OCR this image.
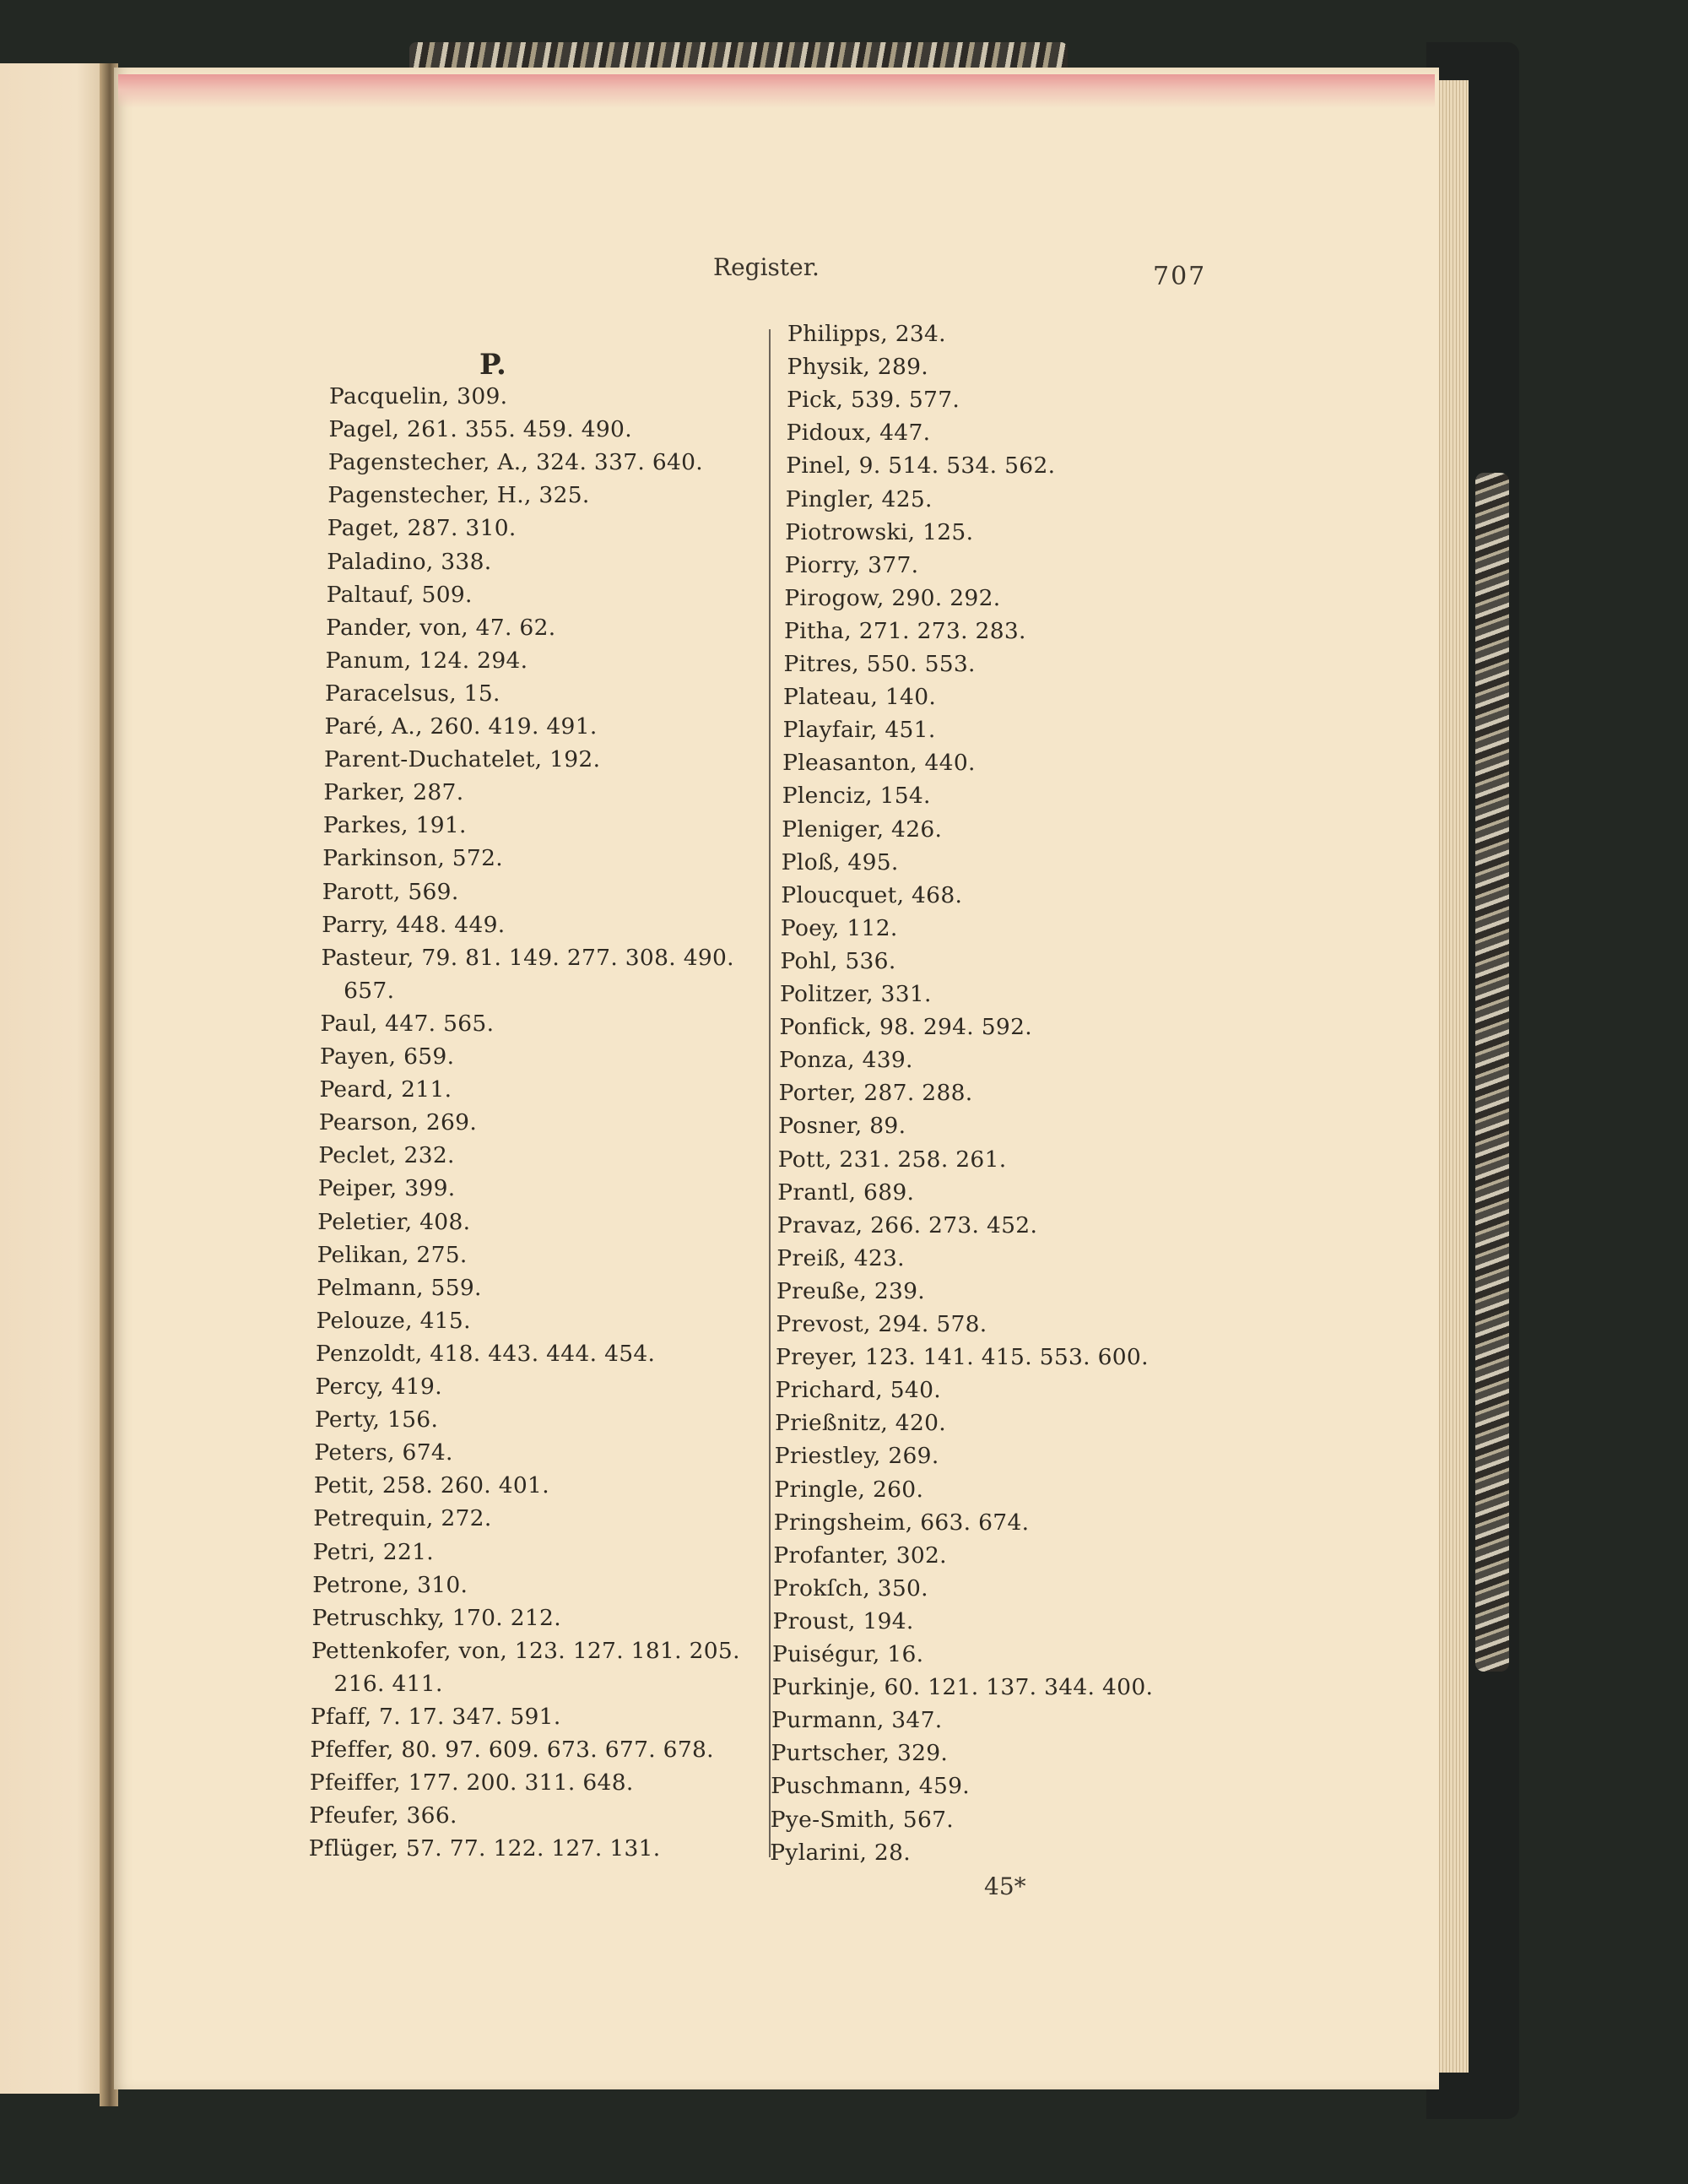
Register.	707
P.
Pacquelin, 309.
Pagel, 261. 355. 459. 490.
Pagenstecher, A., 324. 337. 640.
Pagenstecher, H., 325.
Paget, 287. 310.
Paladino, 338.
Paltauf, 509.
Pander, von, 47. 62.
Panum, 124. 294.
Paracelsus, 15.
Paré, A., 260. 419. 491.
Parent-Duchatelet, 192.
Parker, 287.
Parkes, 191.
Parkinson, 572.
Parott, 569.
Parry, 448. 449.
Pasteur, 79. 81. 149. 277. 308. 490.
657.
Paul, 447. 565.
Payen, 659.
Peard, 211.
Pearson, 269.
Peclet, 232.
Peiper, 399.
Peletier, 408.
Pelikan, 275.
Pelmann, 559.
Pelouze, 415.
Penzoldt, 418. 443. 444. 454.
Percy, 419.
Perty, 156.
Peters, 674.
Petit, 258. 260. 401.
Petrequin, 272.
Petri, 221.
Petrone, 310.
Petruschky, 170. 212.
Pettenkofer, von, 123. 127. 181. 205.
216. 411.
Pfaff, 7. 17. 347. 591.
Pfeffer, 80. 97. 609. 673. 677. 678.
Pfeiffer, 177. 200. 311. 648.
Pfeufer, 366.
Pflüger, 57. 77. 122. 127. 131.
Philipps, 234.
Physik, 289.
Pick, 539. 577.
Pidoux, 447.
Pinel, 9. 514. 534. 562.
Pingler, 425.
Piotrowski, 125.
Piorry, 377.
Pirogow, 290. 292.
Pitha, 271. 273. 283.
Pitres, 550. 553.
Plateau, 140.
Playfair, 451.
Pleasanton, 440.
Plenciz, 154.
Pleniger, 426.
Ploß, 495.
Ploucquet, 468.
Poey, 112.
Pohl, 536.
Politzer, 331.
Ponfick, 98. 294. 592.
Ponza, 439.
Porter, 287. 288.
Posner, 89.
Pott, 231. 258. 261.
Prantl, 689.
Pravaz, 266. 273. 452.
Preiß, 423.
Preuße, 239.
Prevost, 294. 578.
Preyer, 123. 141. 415. 553. 600.
Prichard, 540.
Prießnitz, 420.
Priestley, 269.
Pringle, 260.
Pringsheim, 663. 674.
Profanter, 302.
Prokſch, 350.
Proust, 194.
Puiségur, 16.
Purkinje, 60. 121. 137. 344. 400.
Purmann, 347.
Purtscher, 329.
Puschmann, 459.
Pye-Smith, 567.
Pylarini, 28.
45*
